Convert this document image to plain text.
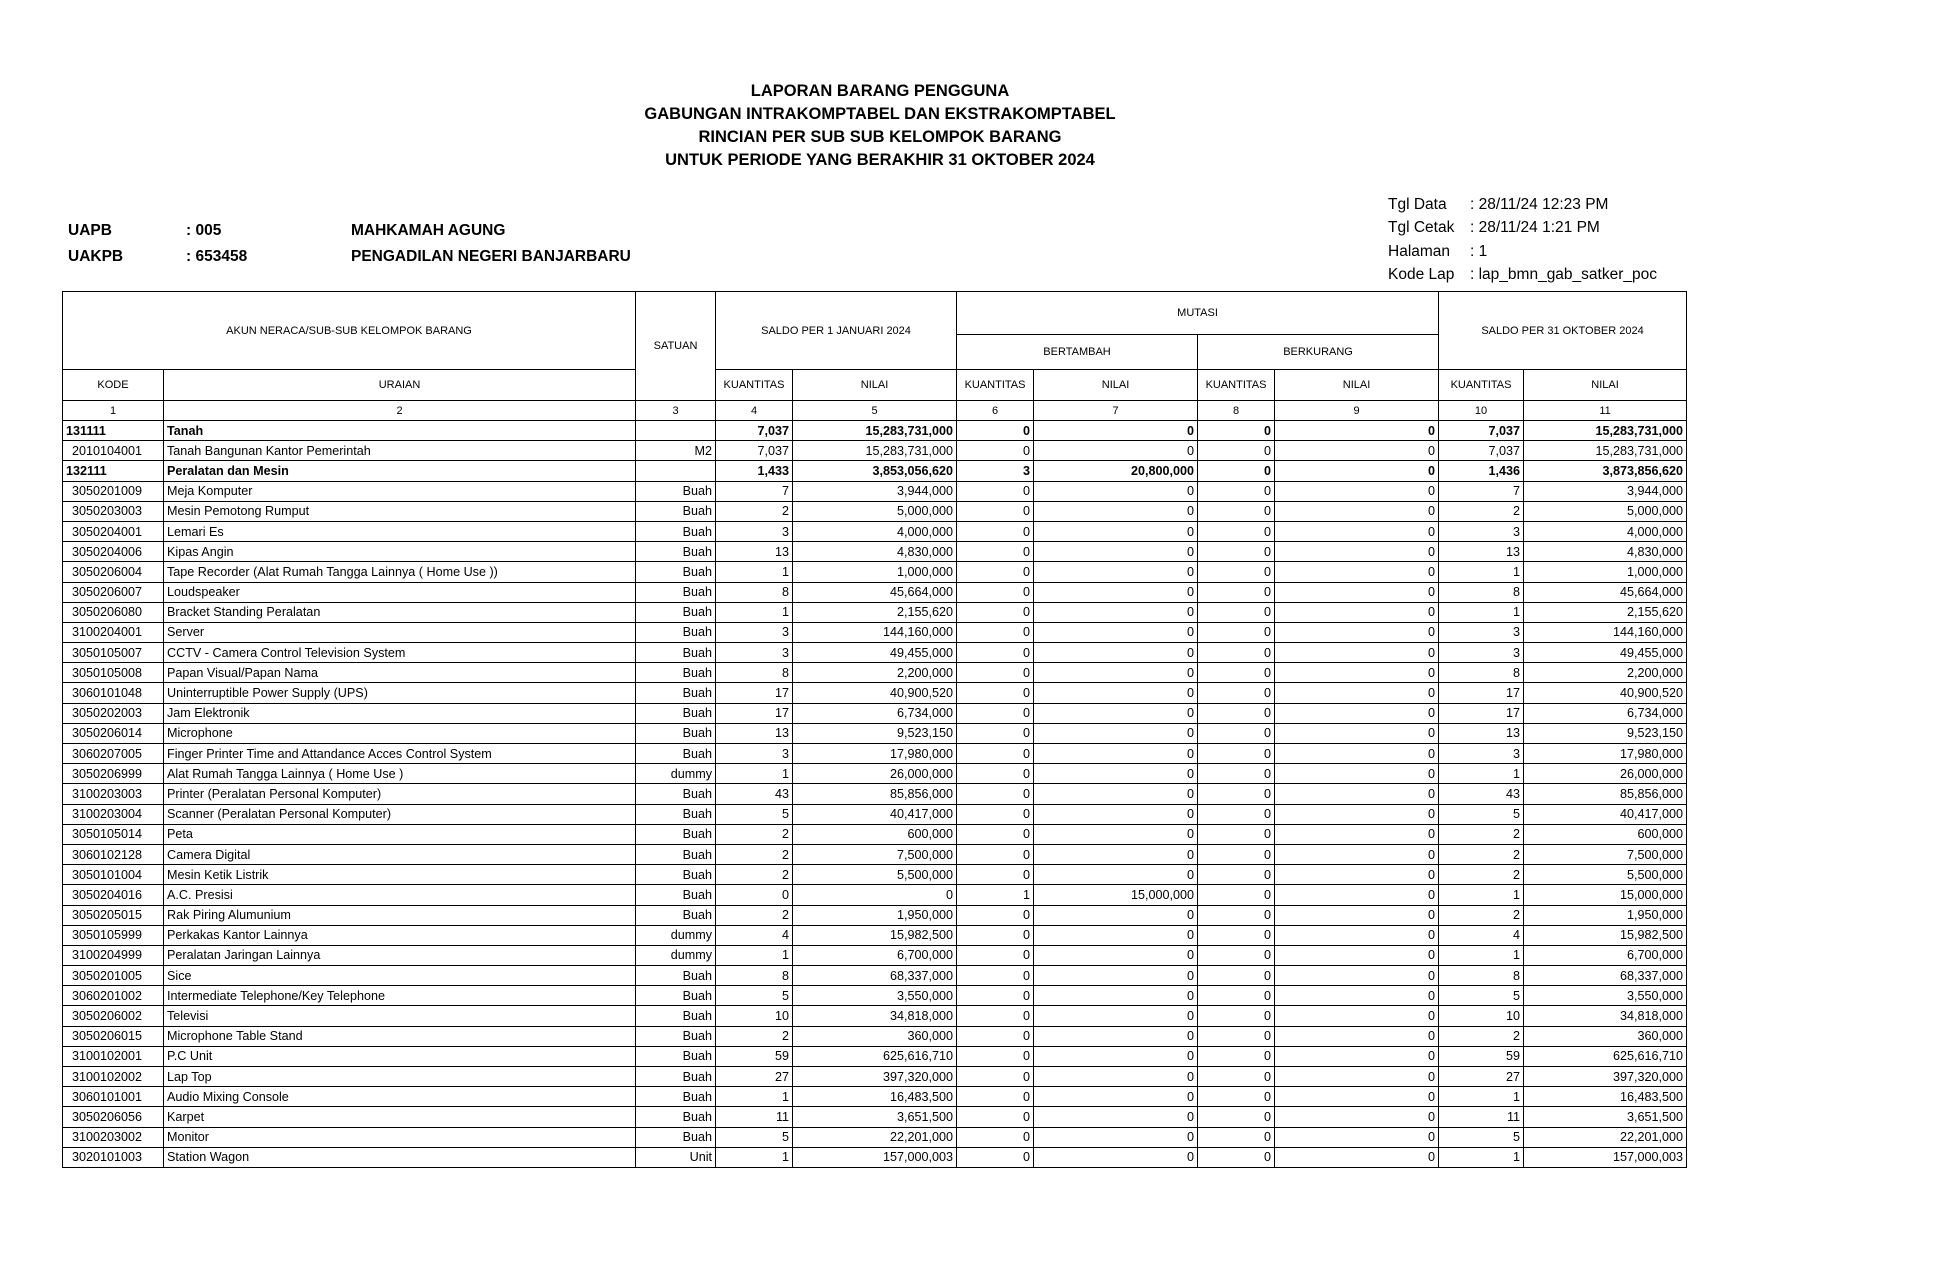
LAPORAN BARANG PENGGUNA
GABUNGAN INTRAKOMPTABEL DAN EKSTRAKOMPTABEL
RINCIAN PER SUB SUB KELOMPOK BARANG
UNTUK PERIODE YANG BERAKHIR 31 OKTOBER 2024
UAPB	: 005	MAHKAMAH AGUNG
UAKPB	: 653458	PENGADILAN NEGERI BANJARBARU
Tgl Data	: 28/11/24 12:23 PM
Tgl Cetak	: 28/11/24 1:21 PM
Halaman	: 1
Kode Lap	: lap_bmn_gab_satker_poc
AKUN NERACA/SUB-SUB KELOMPOK BARANG		SATUAN	SALDO PER 1 JANUARI 2024		MUTASI				SALDO PER 31 OKTOBER 2024	
					BERTAMBAH		BERKURANG			
KODE	URAIAN		KUANTITAS	NILAI	KUANTITAS	NILAI	KUANTITAS	NILAI	KUANTITAS	NILAI
1	2	3	4	5	6	7	8	9	10	11
131111	Tanah		7,037	15,283,731,000	0	0	0	0	7,037	15,283,731,000
2010104001	Tanah Bangunan Kantor Pemerintah	M2	7,037	15,283,731,000	0	0	0	0	7,037	15,283,731,000
132111	Peralatan dan Mesin		1,433	3,853,056,620	3	20,800,000	0	0	1,436	3,873,856,620
3050201009	Meja Komputer	Buah	7	3,944,000	0	0	0	0	7	3,944,000
3050203003	Mesin Pemotong Rumput	Buah	2	5,000,000	0	0	0	0	2	5,000,000
3050204001	Lemari Es	Buah	3	4,000,000	0	0	0	0	3	4,000,000
3050204006	Kipas Angin	Buah	13	4,830,000	0	0	0	0	13	4,830,000
3050206004	Tape Recorder (Alat Rumah Tangga Lainnya ( Home Use ))	Buah	1	1,000,000	0	0	0	0	1	1,000,000
3050206007	Loudspeaker	Buah	8	45,664,000	0	0	0	0	8	45,664,000
3050206080	Bracket Standing Peralatan	Buah	1	2,155,620	0	0	0	0	1	2,155,620
3100204001	Server	Buah	3	144,160,000	0	0	0	0	3	144,160,000
3050105007	CCTV - Camera Control Television System	Buah	3	49,455,000	0	0	0	0	3	49,455,000
3050105008	Papan Visual/Papan Nama	Buah	8	2,200,000	0	0	0	0	8	2,200,000
3060101048	Uninterruptible Power Supply (UPS)	Buah	17	40,900,520	0	0	0	0	17	40,900,520
3050202003	Jam Elektronik	Buah	17	6,734,000	0	0	0	0	17	6,734,000
3050206014	Microphone	Buah	13	9,523,150	0	0	0	0	13	9,523,150
3060207005	Finger Printer Time and Attandance Acces Control System	Buah	3	17,980,000	0	0	0	0	3	17,980,000
3050206999	Alat Rumah Tangga Lainnya ( Home Use )	dummy	1	26,000,000	0	0	0	0	1	26,000,000
3100203003	Printer (Peralatan Personal Komputer)	Buah	43	85,856,000	0	0	0	0	43	85,856,000
3100203004	Scanner (Peralatan Personal Komputer)	Buah	5	40,417,000	0	0	0	0	5	40,417,000
3050105014	Peta	Buah	2	600,000	0	0	0	0	2	600,000
3060102128	Camera Digital	Buah	2	7,500,000	0	0	0	0	2	7,500,000
3050101004	Mesin Ketik Listrik	Buah	2	5,500,000	0	0	0	0	2	5,500,000
3050204016	A.C. Presisi	Buah	0	0	1	15,000,000	0	0	1	15,000,000
3050205015	Rak Piring Alumunium	Buah	2	1,950,000	0	0	0	0	2	1,950,000
3050105999	Perkakas Kantor Lainnya	dummy	4	15,982,500	0	0	0	0	4	15,982,500
3100204999	Peralatan Jaringan Lainnya	dummy	1	6,700,000	0	0	0	0	1	6,700,000
3050201005	Sice	Buah	8	68,337,000	0	0	0	0	8	68,337,000
3060201002	Intermediate Telephone/Key Telephone	Buah	5	3,550,000	0	0	0	0	5	3,550,000
3050206002	Televisi	Buah	10	34,818,000	0	0	0	0	10	34,818,000
3050206015	Microphone Table Stand	Buah	2	360,000	0	0	0	0	2	360,000
3100102001	P.C Unit	Buah	59	625,616,710	0	0	0	0	59	625,616,710
3100102002	Lap Top	Buah	27	397,320,000	0	0	0	0	27	397,320,000
3060101001	Audio Mixing Console	Buah	1	16,483,500	0	0	0	0	1	16,483,500
3050206056	Karpet	Buah	11	3,651,500	0	0	0	0	11	3,651,500
3100203002	Monitor	Buah	5	22,201,000	0	0	0	0	5	22,201,000
3020101003	Station Wagon	Unit	1	157,000,003	0	0	0	0	1	157,000,003
